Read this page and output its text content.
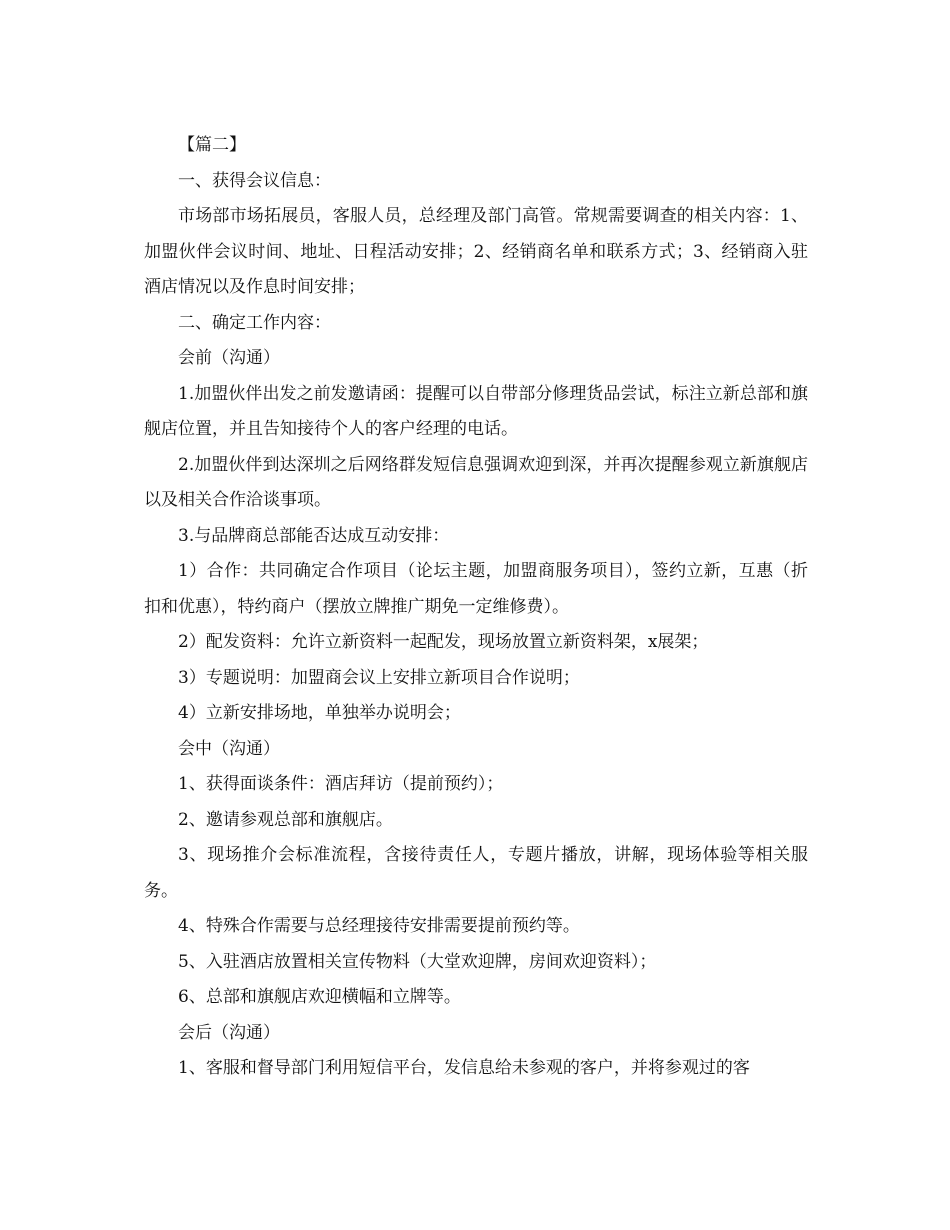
【篇二】

一、获得会议信息：

市场部市场拓展员，客服人员，总经理及部门高管。常规需要调查的相关内容：1、加盟伙伴会议时间、地址、日程活动安排；2、经销商名单和联系方式；3、经销商入驻酒店情况以及作息时间安排；

二、确定工作内容：

会前（沟通）

1.加盟伙伴出发之前发邀请函：提醒可以自带部分修理货品尝试，标注立新总部和旗舰店位置，并且告知接待个人的客户经理的电话。

2.加盟伙伴到达深圳之后网络群发短信息强调欢迎到深，并再次提醒参观立新旗舰店以及相关合作洽谈事项。

3.与品牌商总部能否达成互动安排：

1）合作：共同确定合作项目（论坛主题，加盟商服务项目），签约立新，互惠（折扣和优惠），特约商户（摆放立牌推广期免一定维修费）。

2）配发资料：允许立新资料一起配发，现场放置立新资料架，x展架；

3）专题说明：加盟商会议上安排立新项目合作说明；

4）立新安排场地，单独举办说明会；

会中（沟通）

1、获得面谈条件：酒店拜访（提前预约）；

2、邀请参观总部和旗舰店。

3、现场推介会标准流程，含接待责任人，专题片播放，讲解，现场体验等相关服务。

4、特殊合作需要与总经理接待安排需要提前预约等。

5、入驻酒店放置相关宣传物料（大堂欢迎牌，房间欢迎资料）；

6、总部和旗舰店欢迎横幅和立牌等。

会后（沟通）

1、客服和督导部门利用短信平台，发信息给未参观的客户，并将参观过的客
